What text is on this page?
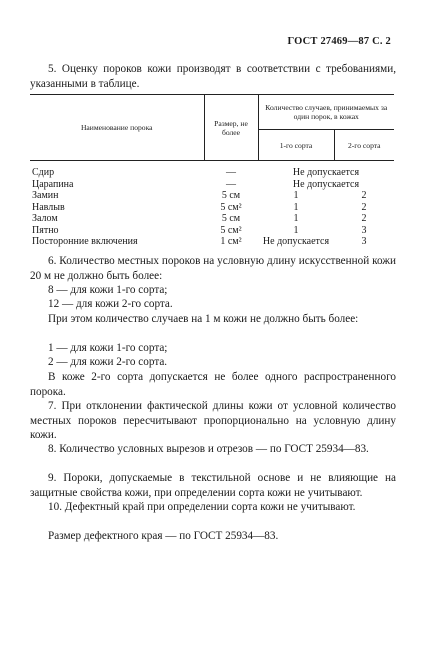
ГОСТ 27469—87 С. 2

5. Оценку пороков кожи производят в соответствии с требованиями, указанными в таблице.

Наименование порока	Размер, не более	Количество случаев, принимаемых за один порок, в кожах	
		1-го сорта	2-го сорта

Сдир	—	Не допускается	
Царапина	—	Не допускается	
Замин	5 см	1	2
Навлыв	5 см²	1	2
Залом	5 см	1	2
Пятно	5 см²	1	3
Посторонние включения	1 см²	Не допускается	3

6. Количество местных пороков на условную длину искусственной кожи 20 м не должно быть более:

8 — для кожи 1-го сорта;

12 — для кожи 2-го сорта.

При этом количество случаев на 1 м кожи не должно быть более:

1 — для кожи 1-го сорта;

2 — для кожи 2-го сорта.

В коже 2-го сорта допускается не более одного распространенного порока.

7. При отклонении фактической длины кожи от условной количество местных пороков пересчитывают пропорционально на условную длину кожи.

8. Количество условных вырезов и отрезов — по ГОСТ 25934—83.

9. Пороки, допускаемые в текстильной основе и не влияющие на защитные свойства кожи, при определении сорта кожи не учитывают.

10. Дефектный край при определении сорта кожи не учитывают.

Размер дефектного края — по ГОСТ 25934—83.
